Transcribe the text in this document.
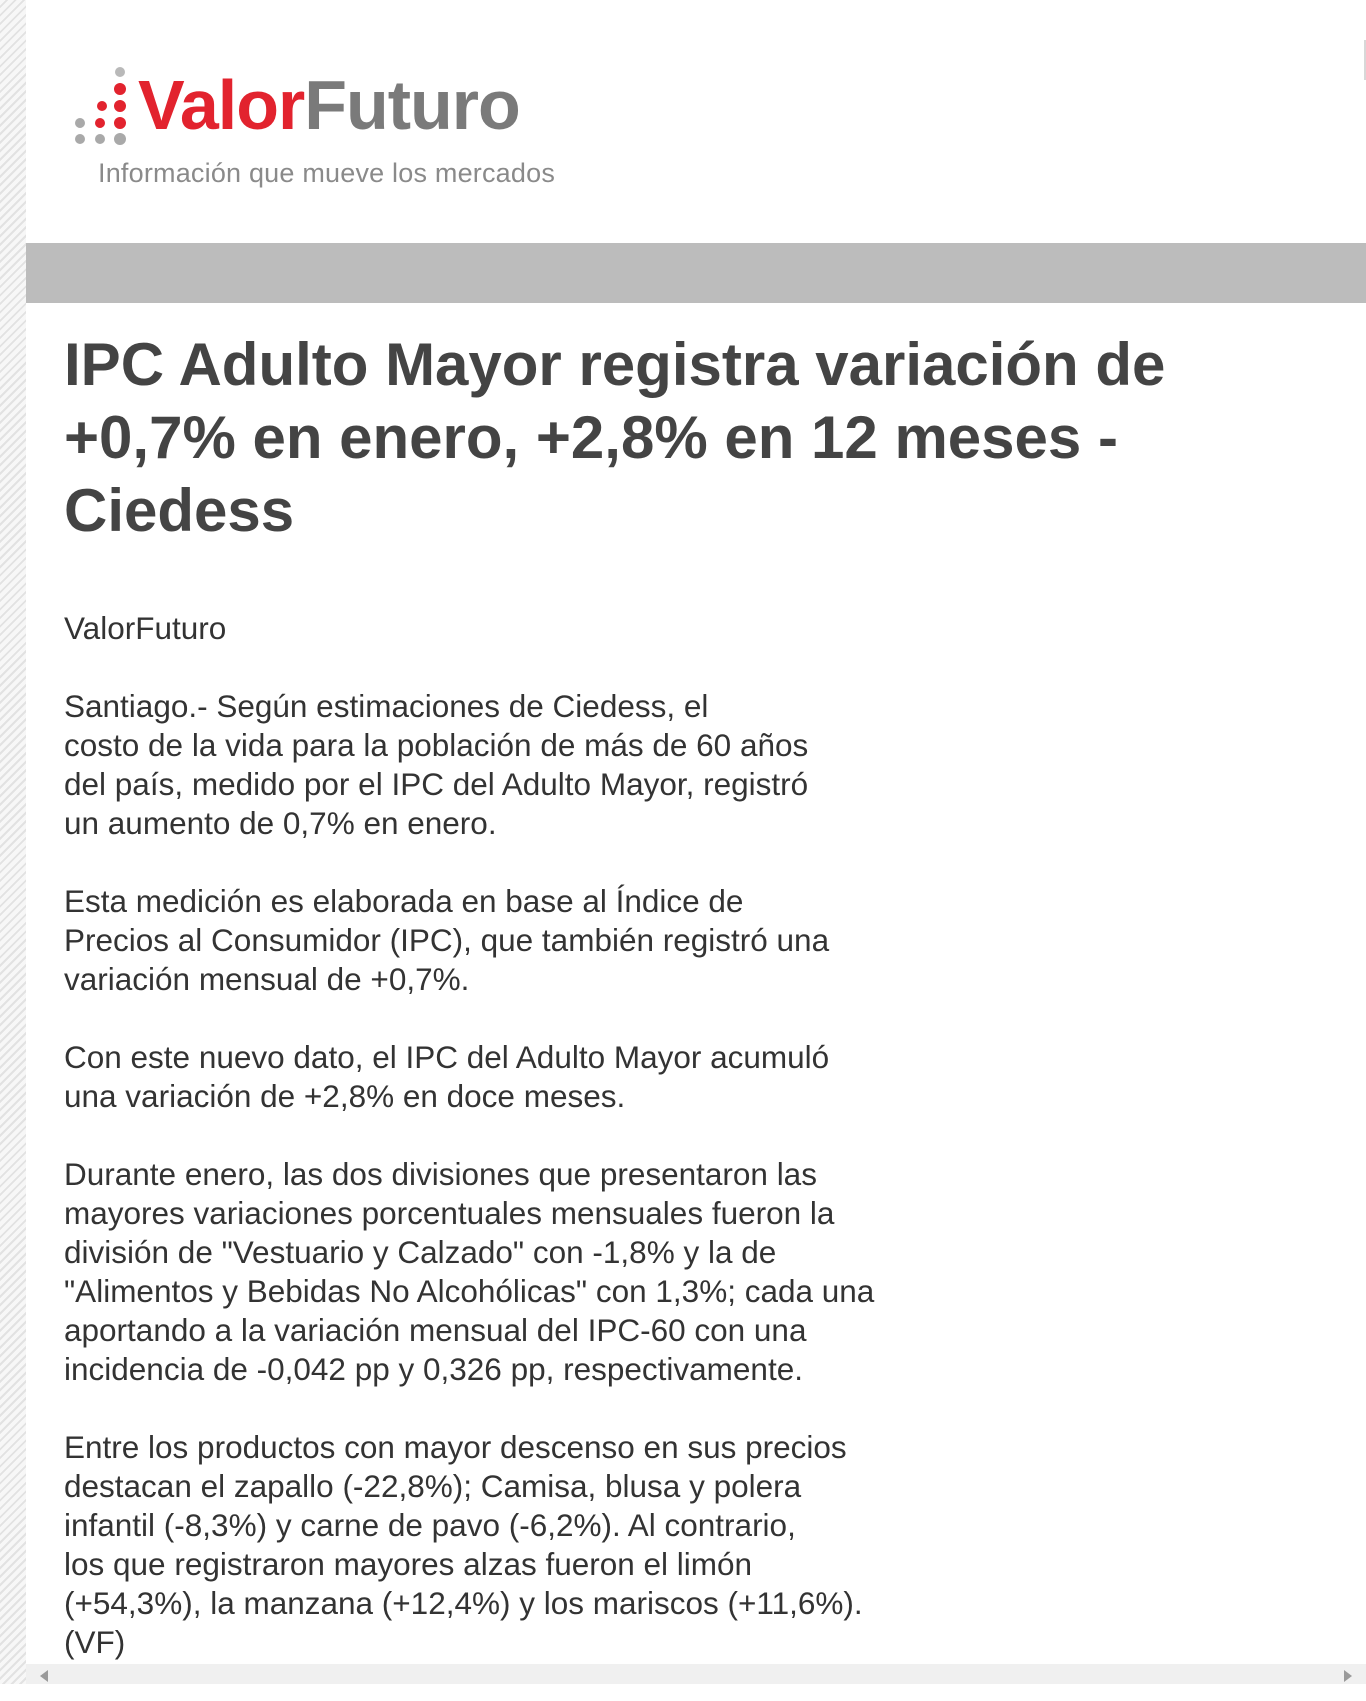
ValorFuturo
Información que mueve los mercados
IPC Adulto Mayor registra variación de +0,7% en enero, +2,8% en 12 meses - Ciedess

ValorFuturo

Santiago.- Según estimaciones de Ciedess, el
costo de la vida para la población de más de 60 años
del país, medido por el IPC del Adulto Mayor, registró
un aumento de 0,7% en enero.

Esta medición es elaborada en base al Índice de
Precios al Consumidor (IPC), que también registró una
variación mensual de +0,7%.

Con este nuevo dato, el IPC del Adulto Mayor acumuló
una variación de +2,8% en doce meses.

Durante enero, las dos divisiones que presentaron las
mayores variaciones porcentuales mensuales fueron la
división de "Vestuario y Calzado" con -1,8% y la de
"Alimentos y Bebidas No Alcohólicas" con 1,3%; cada una
aportando a la variación mensual del IPC-60 con una
incidencia de -0,042 pp y 0,326 pp, respectivamente.

Entre los productos con mayor descenso en sus precios
destacan el zapallo (-22,8%); Camisa, blusa y polera
infantil (-8,3%) y carne de pavo (-6,2%). Al contrario,
los que registraron mayores alzas fueron el limón
(+54,3%), la manzana (+12,4%) y los mariscos (+11,6%).
(VF)
